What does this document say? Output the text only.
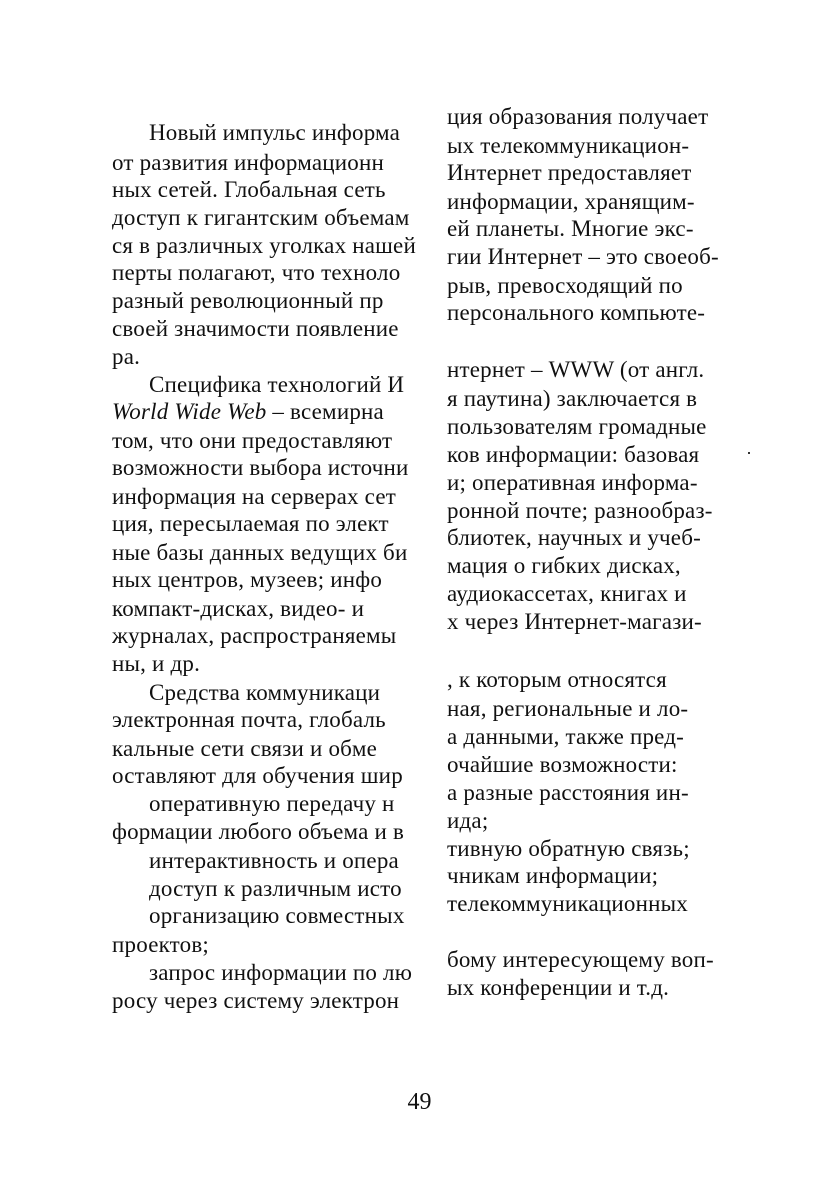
Новый импульс информа
от развития информационн
ных сетей. Глобальная сеть
доступ к гигантским объемам
ся в различных уголках нашей
перты полагают, что техноло
разный революционный пр
своей значимости появление
ра.
Специфика технологий И
World Wide Web – всемирна
том, что они предоставляют
возможности выбора источни
информация на серверах сет
ция, пересылаемая по элект
ные базы данных ведущих би
ных центров, музеев; инфо
компакт-дисках, видео- и
журналах, распространяемы
ны, и др.
Средства коммуникаци
электронная почта, глобаль
кальные сети связи и обме
оставляют для обучения шир
оперативную передачу н
формации любого объема и в
интерактивность и опера
доступ к различным исто
организацию совместных
проектов;
запрос информации по лю
росу через систему электрон
ция образования получает
ых телекоммуникацион-
Интернет предоставляет
информации, хранящим-
ей планеты. Многие экс-
гии Интернет – это своеоб-
рыв, превосходящий по
персонального компьюте-
нтернет – WWW (от англ.
я паутина) заключается в
пользователям громадные
ков информации: базовая
и; оперативная информа-
ронной почте; разнообраз-
блиотек, научных и учеб-
мация о гибких дисках,
аудиокассетах, книгах и
х через Интернет-магази-
, к которым относятся
ная, региональные и ло-
а данными, также пред-
очайшие возможности:
а разные расстояния ин-
ида;
тивную обратную связь;
чникам информации;
телекоммуникационных
бому интересующему воп-
ых конференции и т.д.
49
